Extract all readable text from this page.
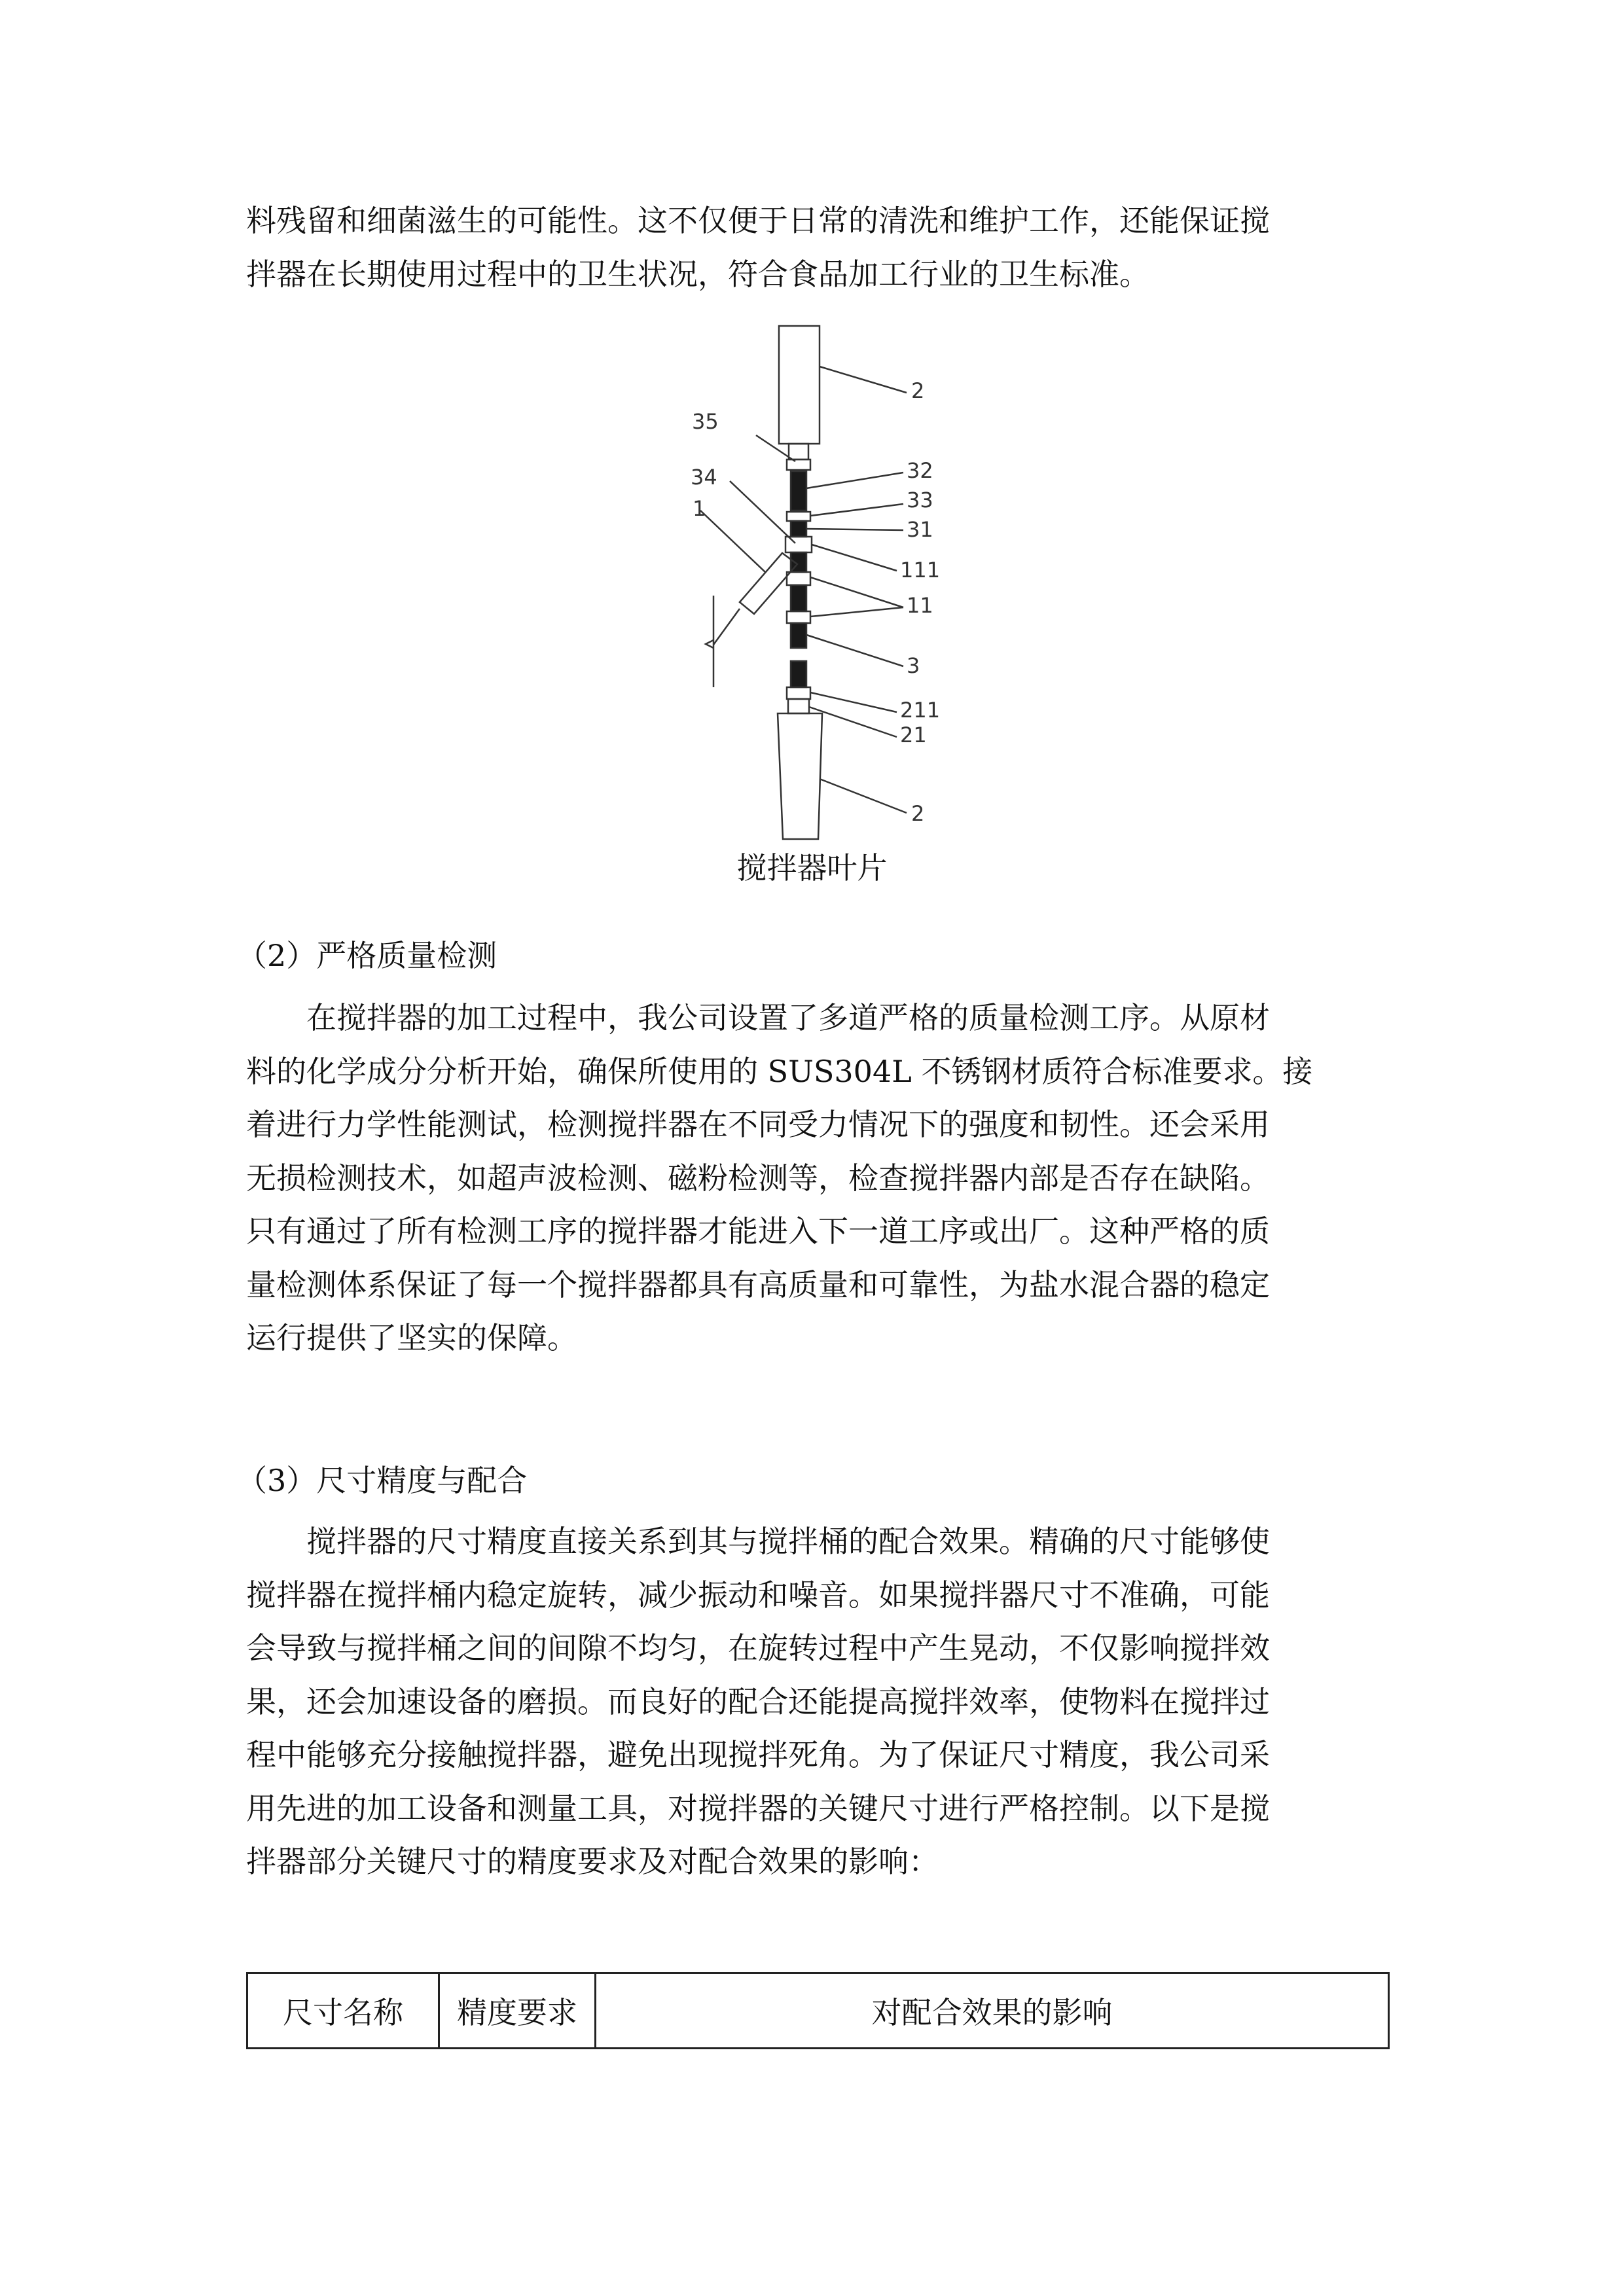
料残留和细菌滋生的可能性。这不仅便于日常的清洗和维护工作，还能保证搅
拌器在长期使用过程中的卫生状况，符合食品加工行业的卫生标准。
2
35
32
34
33
31
1
111
11
3
211
21
2
搅拌器叶片
（2）严格质量检测
在搅拌器的加工过程中，我公司设置了多道严格的质量检测工序。从原材
料的化学成分分析开始，确保所使用的 SUS304L 不锈钢材质符合标准要求。接
着进行力学性能测试，检测搅拌器在不同受力情况下的强度和韧性。还会采用
无损检测技术，如超声波检测、磁粉检测等，检查搅拌器内部是否存在缺陷。
只有通过了所有检测工序的搅拌器才能进入下一道工序或出厂。这种严格的质
量检测体系保证了每一个搅拌器都具有高质量和可靠性，为盐水混合器的稳定
运行提供了坚实的保障。
（3）尺寸精度与配合
搅拌器的尺寸精度直接关系到其与搅拌桶的配合效果。精确的尺寸能够使
搅拌器在搅拌桶内稳定旋转，减少振动和噪音。如果搅拌器尺寸不准确，可能
会导致与搅拌桶之间的间隙不均匀，在旋转过程中产生晃动，不仅影响搅拌效
果，还会加速设备的磨损。而良好的配合还能提高搅拌效率，使物料在搅拌过
程中能够充分接触搅拌器，避免出现搅拌死角。为了保证尺寸精度，我公司采
用先进的加工设备和测量工具，对搅拌器的关键尺寸进行严格控制。以下是搅
拌器部分关键尺寸的精度要求及对配合效果的影响：
尺寸名称	精度要求	对配合效果的影响
